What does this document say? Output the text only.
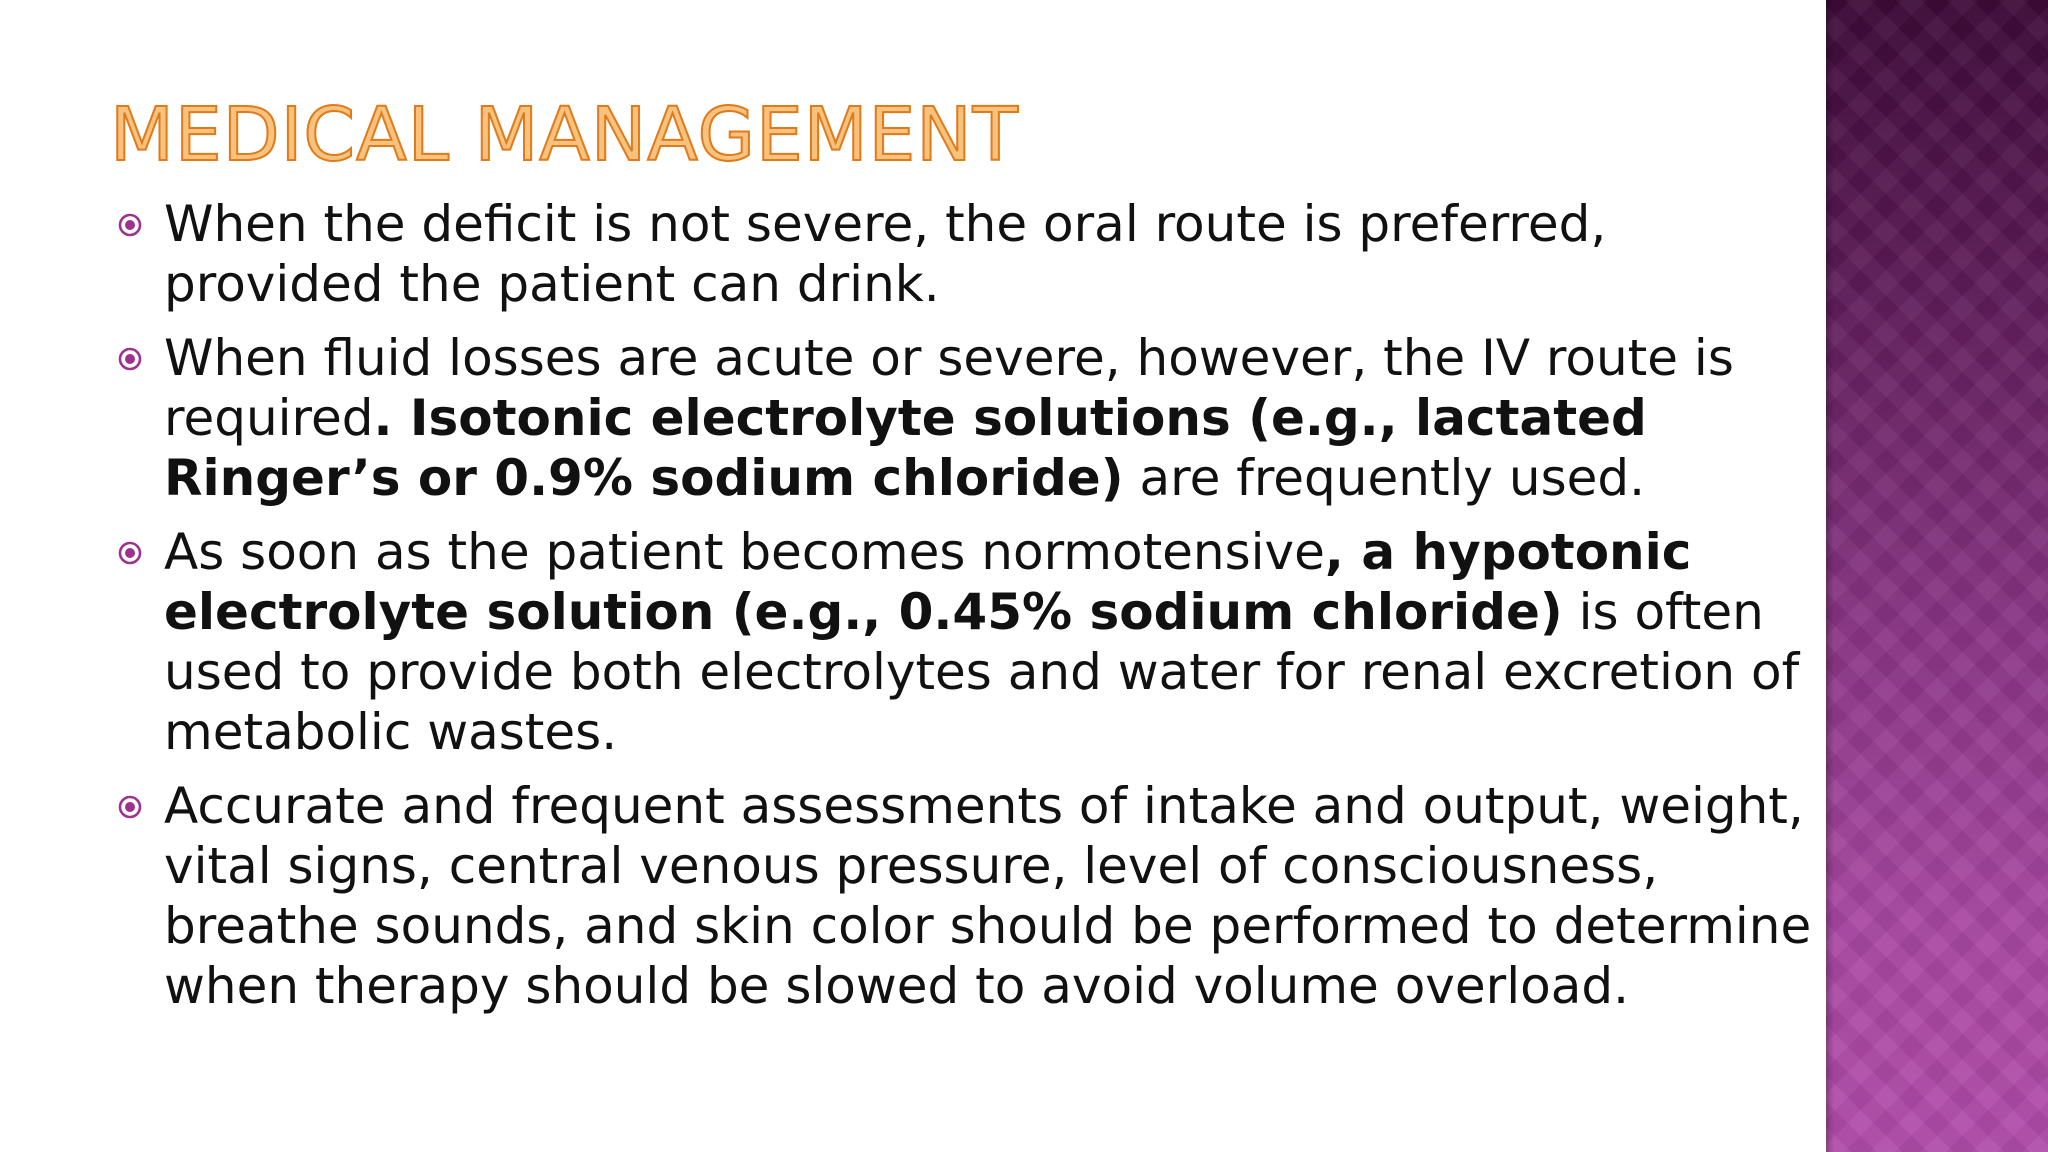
MEDICAL MANAGEMENT
When the deficit is not severe, the oral route is preferred, provided the patient can drink.
When fluid losses are acute or severe, however, the IV route is required. Isotonic electrolyte solutions (e.g., lactated Ringer’s or 0.9% sodium chloride) are frequently used.
As soon as the patient becomes normotensive, a hypotonic electrolyte solution (e.g., 0.45% sodium chloride) is often used to provide both electrolytes and water for renal excretion of metabolic wastes.
Accurate and frequent assessments of intake and output, weight, vital signs, central venous pressure, level of consciousness, breathe sounds, and skin color should be performed to determine when therapy should be slowed to avoid volume overload.
